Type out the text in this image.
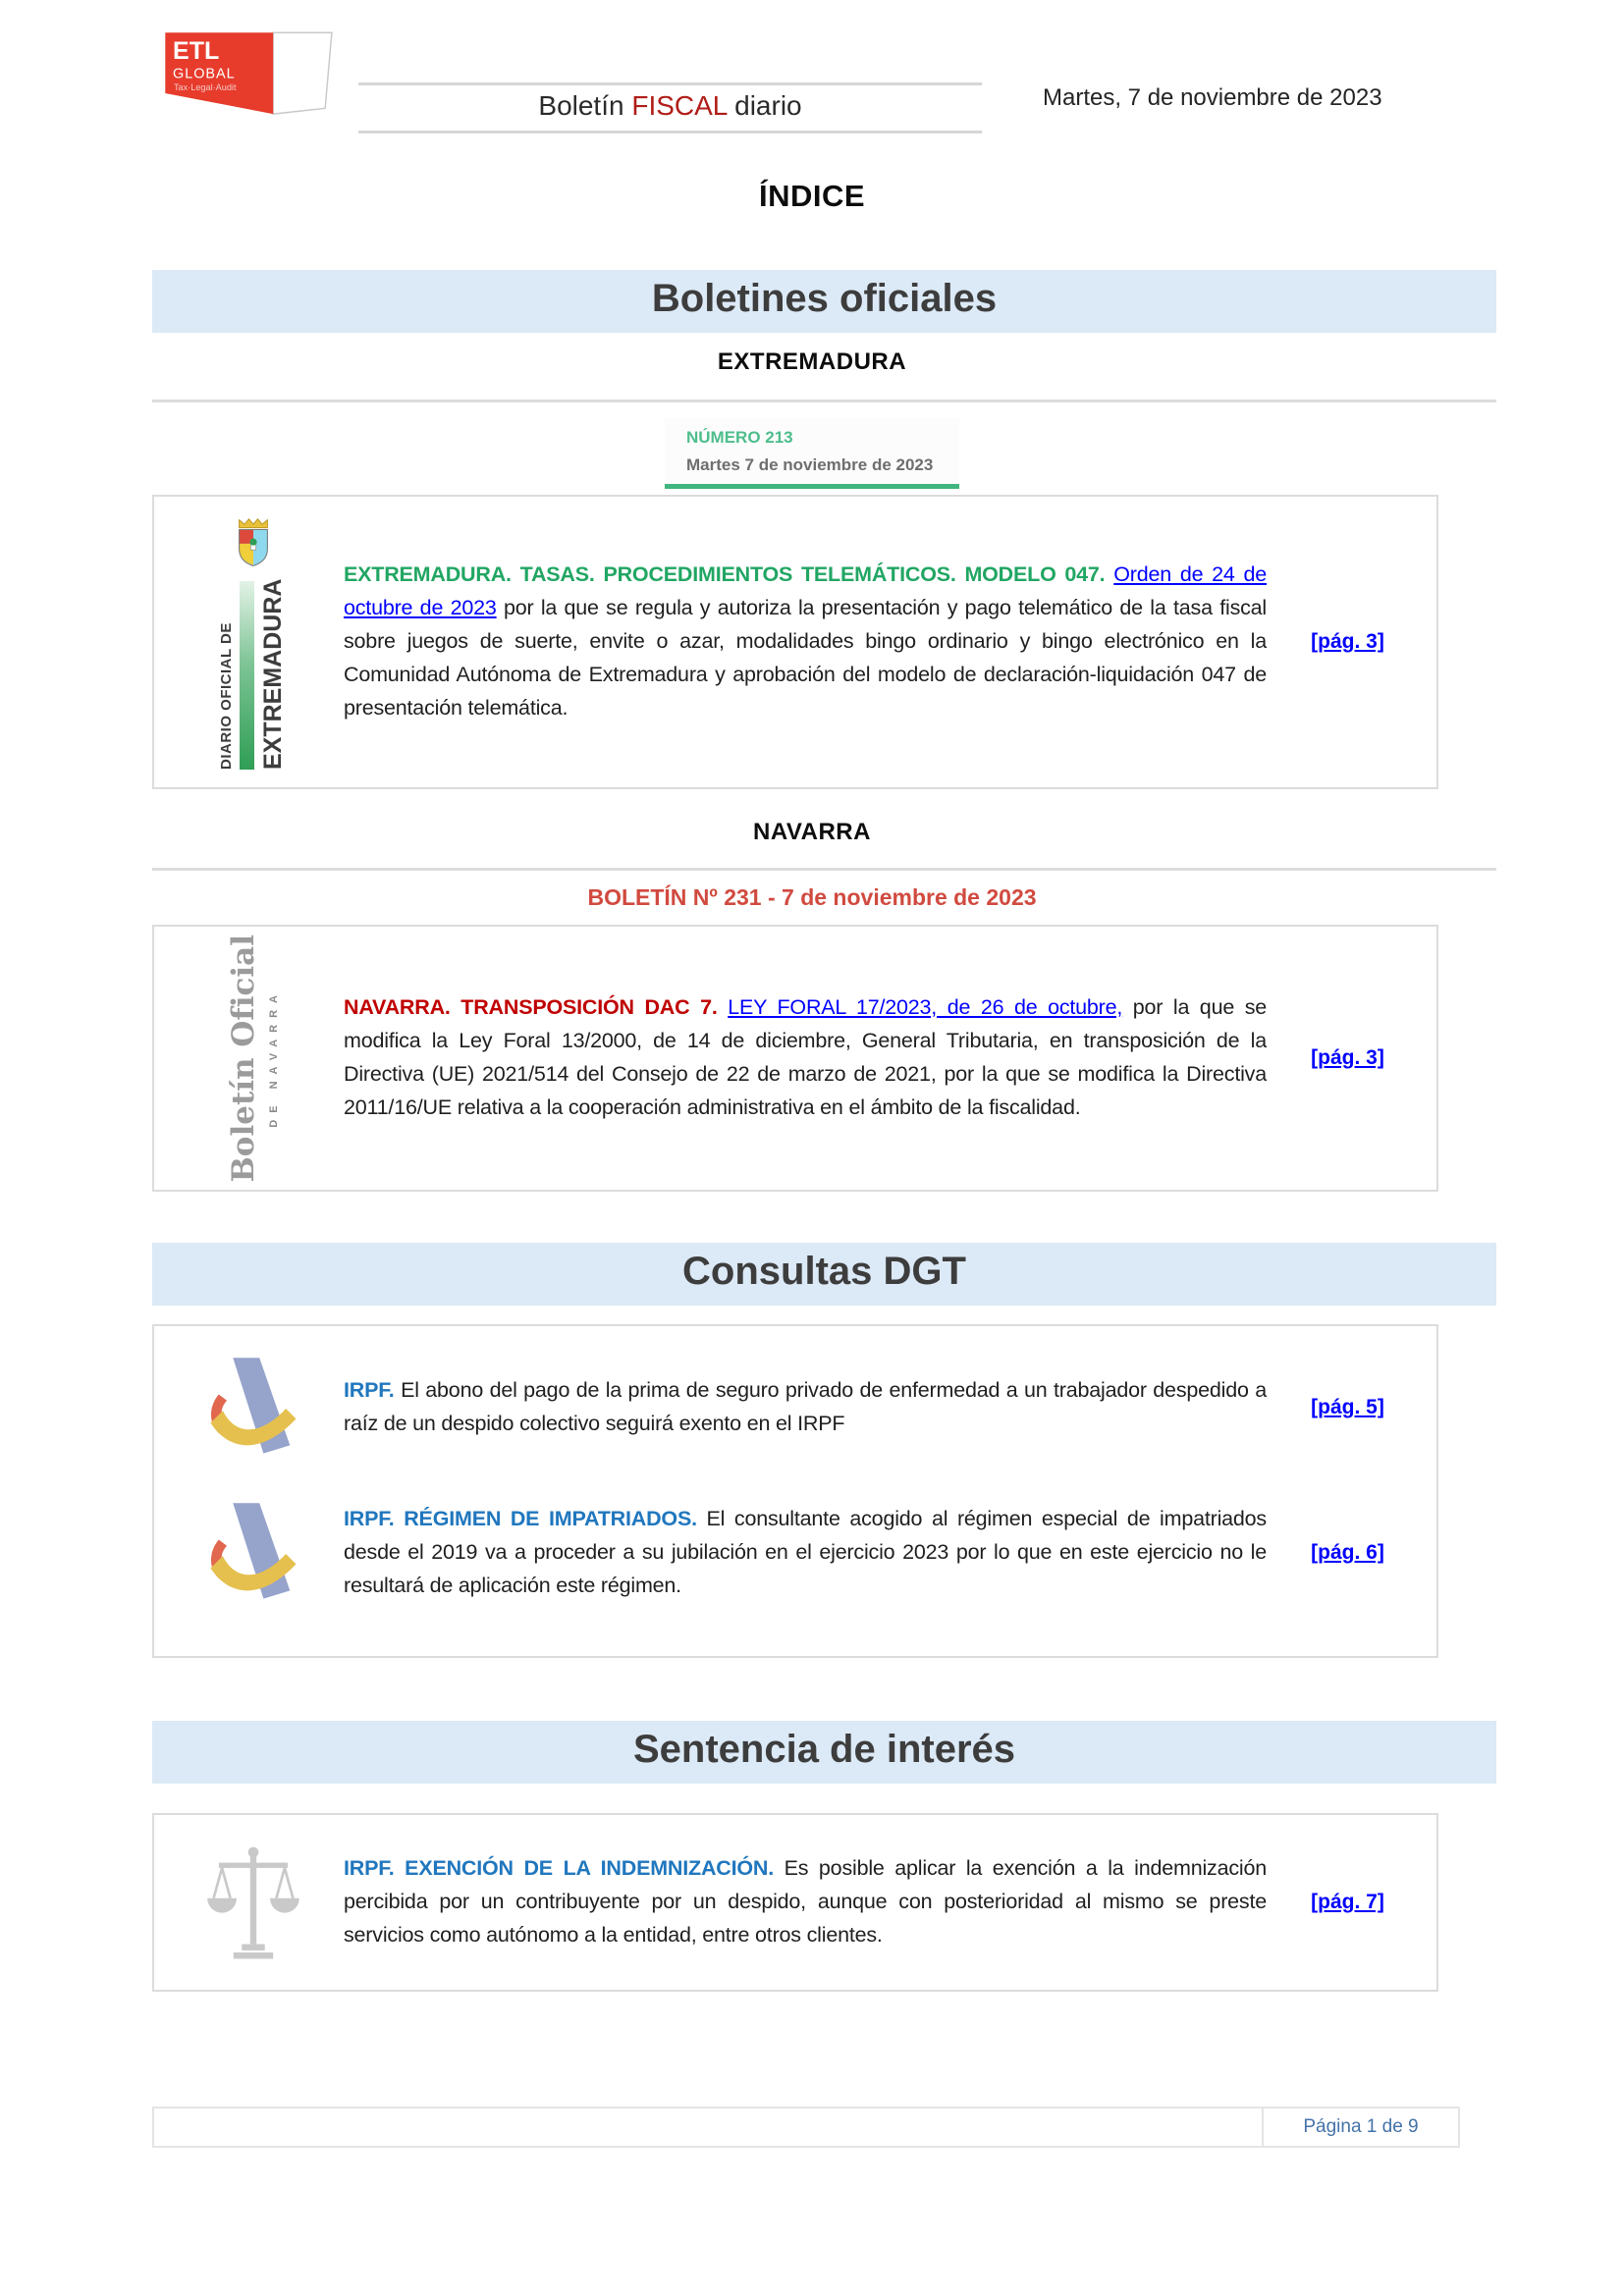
ETL
GLOBAL
Tax·Legal·Audit
Boletín FISCAL diario	Martes, 7 de noviembre de 2023
ÍNDICE
Boletines oficiales
EXTREMADURA
NÚMERO 213
Martes 7 de noviembre de 2023
DIARIO OFICIAL DE EXTREMADURA

EXTREMADURA. TASAS. PROCEDIMIENTOS TELEMÁTICOS. MODELO 047. Orden de 24 de octubre de 2023 por la que se regula y autoriza la presentación y pago telemático de la tasa fiscal sobre juegos de suerte, envite o azar, modalidades bingo ordinario y bingo electrónico en la Comunidad Autónoma de Extremadura y aprobación del modelo de declaración-liquidación 047 de presentación telemática.

[pág. 3]
NAVARRA
BOLETÍN Nº 231 - 7 de noviembre de 2023
Boletín Oficial DE NAVARRA	NAVARRA. TRANSPOSICIÓN DAC 7. LEY FORAL 17/2023, de 26 de octubre, por la que se modifica la Ley Foral 13/2000, de 14 de diciembre, General Tributaria, en transposición de la Directiva (UE) 2021/514 del Consejo de 22 de marzo de 2021, por la que se modifica la Directiva 2011/16/UE relativa a la cooperación administrativa en el ámbito de la fiscalidad.

[pág. 3]
Consultas DGT

IRPF. El abono del pago de la prima de seguro privado de enfermedad a un trabajador despedido a raíz de un despido colectivo seguirá exento en el IRPF

[pág. 5]

IRPF. RÉGIMEN DE IMPATRIADOS. El consultante acogido al régimen especial de impatriados desde el 2019 va a proceder a su jubilación en el ejercicio 2023 por lo que en este ejercicio no le resultará de aplicación este régimen.

[pág. 6]
Sentencia de interés

IRPF. EXENCIÓN DE LA INDEMNIZACIÓN. Es posible aplicar la exención a la indemnización percibida por un contribuyente por un despido, aunque con posterioridad al mismo se preste servicios como autónomo a la entidad, entre otros clientes.

[pág. 7]
Página 1 de 9
